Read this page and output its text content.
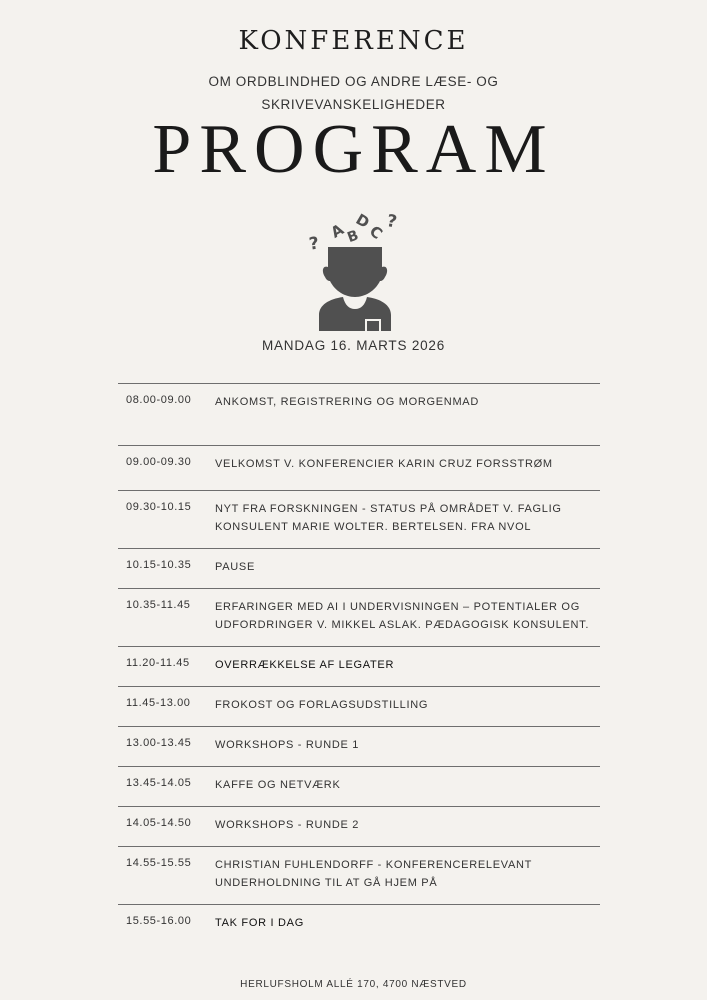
KONFERENCE
OM ORDBLINDHED OG ANDRE LÆSE- OG
SKRIVEVANSKELIGHEDER
PROGRAM
?
A
B
D
C ?
MANDAG 16. MARTS 2026
08.00-09.00 ANKOMST, REGISTRERING OG MORGENMAD
09.00-09.30 VELKOMST V. KONFERENCIER KARIN CRUZ FORSSTRØM
09.30-10.15 NYT FRA FORSKNINGEN - STATUS PÅ OMRÅDET V. FAGLIG KONSULENT MARIE WOLTER. BERTELSEN. FRA NVOL
10.15-10.35 PAUSE
10.35-11.45 ERFARINGER MED AI I UNDERVISNINGEN – POTENTIALER OG UDFORDRINGER V. MIKKEL ASLAK. PÆDAGOGISK KONSULENT.
11.20-11.45 OVERRÆKKELSE AF LEGATER
11.45-13.00 FROKOST OG FORLAGSUDSTILLING
13.00-13.45 WORKSHOPS - RUNDE 1
13.45-14.05 KAFFE OG NETVÆRK
14.05-14.50 WORKSHOPS - RUNDE 2
14.55-15.55 CHRISTIAN FUHLENDORFF - KONFERENCERELEVANT UNDERHOLDNING TIL AT GÅ HJEM PÅ
15.55-16.00 TAK FOR I DAG
HERLUFSHOLM ALLÉ 170, 4700 NÆSTVED
